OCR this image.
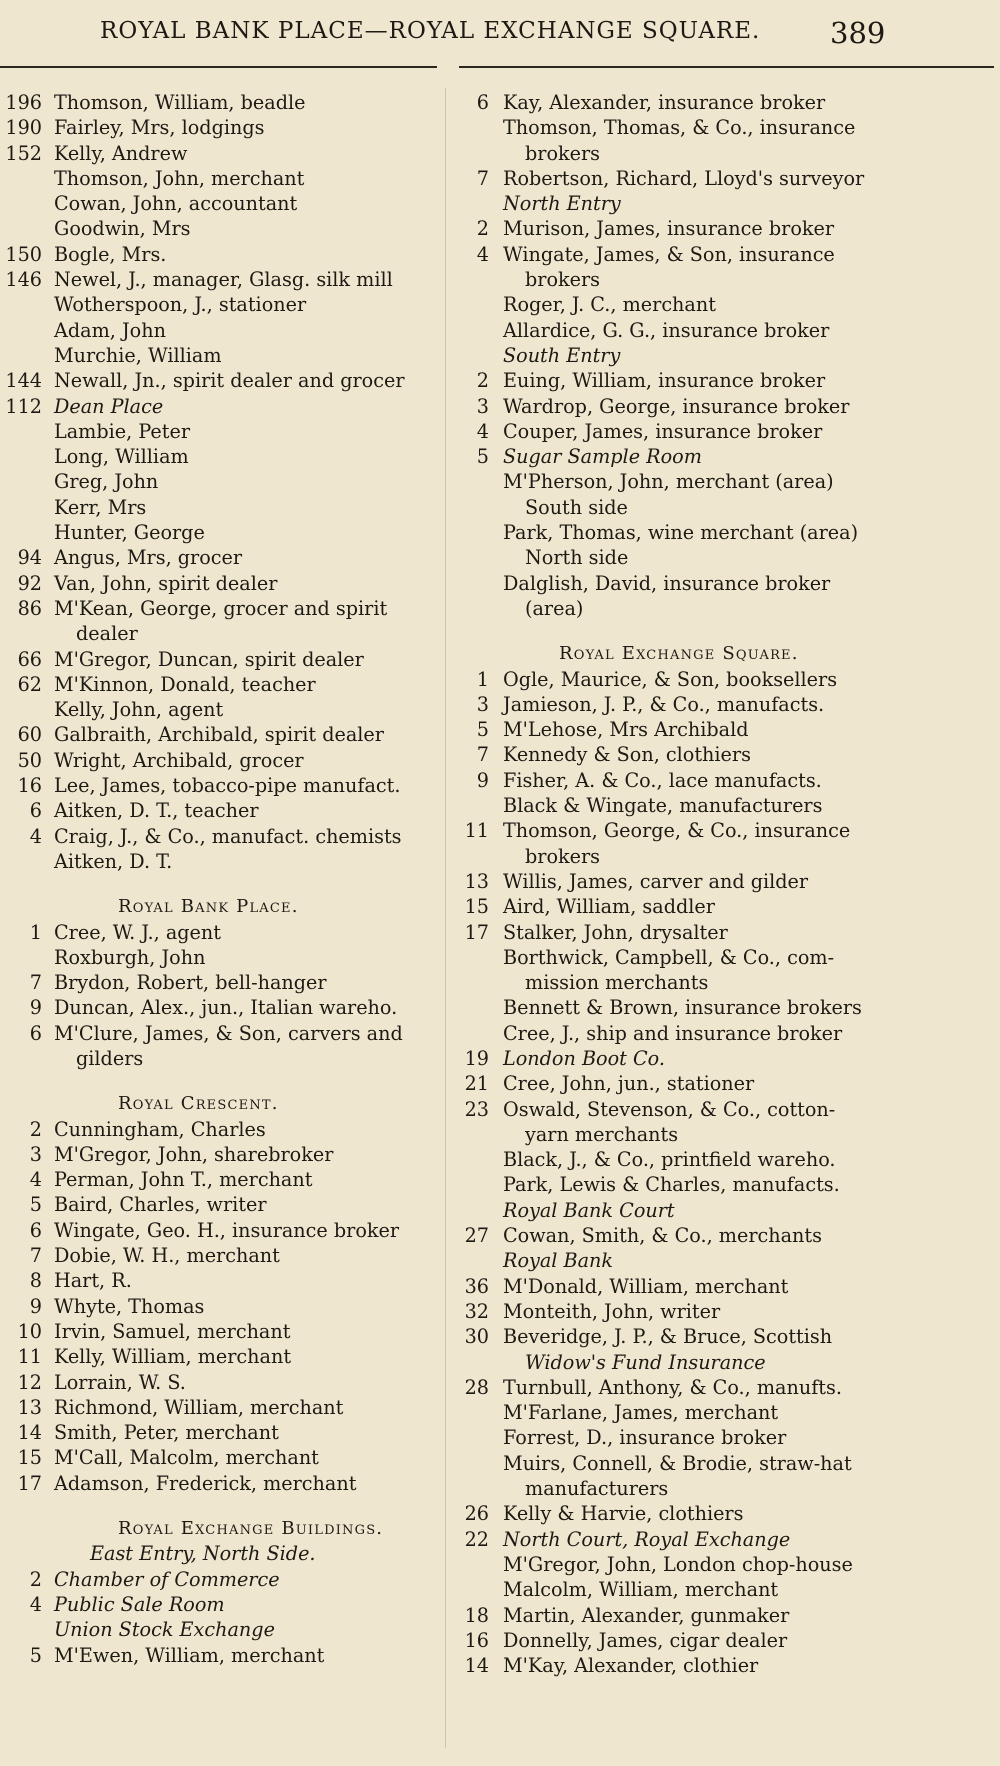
ROYAL BANK PLACE—ROYAL EXCHANGE SQUARE. 389
196 Thomson, William, beadle
190 Fairley, Mrs, lodgings
152 Kelly, Andrew
Thomson, John, merchant
Cowan, John, accountant
Goodwin, Mrs
150 Bogle, Mrs.
146 Newel, J., manager, Glasg. silk mill
Wotherspoon, J., stationer
Adam, John
Murchie, William
144 Newall, Jn., spirit dealer and grocer
112 Dean Place
Lambie, Peter
Long, William
Greg, John
Kerr, Mrs
Hunter, George
94 Angus, Mrs, grocer
92 Van, John, spirit dealer
86 M'Kean, George, grocer and spirit
dealer
66 M'Gregor, Duncan, spirit dealer
62 M'Kinnon, Donald, teacher
Kelly, John, agent
60 Galbraith, Archibald, spirit dealer
50 Wright, Archibald, grocer
16 Lee, James, tobacco-pipe manufact.
6 Aitken, D. T., teacher
4 Craig, J., & Co., manufact. chemists
Aitken, D. T.
Royal Bank Place.
1 Cree, W. J., agent
Roxburgh, John
7 Brydon, Robert, bell-hanger
9 Duncan, Alex., jun., Italian wareho.
6 M'Clure, James, & Son, carvers and
gilders
Royal Crescent.
2 Cunningham, Charles
3 M'Gregor, John, sharebroker
4 Perman, John T., merchant
5 Baird, Charles, writer
6 Wingate, Geo. H., insurance broker
7 Dobie, W. H., merchant
8 Hart, R.
9 Whyte, Thomas
10 Irvin, Samuel, merchant
11 Kelly, William, merchant
12 Lorrain, W. S.
13 Richmond, William, merchant
14 Smith, Peter, merchant
15 M'Call, Malcolm, merchant
17 Adamson, Frederick, merchant
Royal Exchange Buildings.
East Entry, North Side.
2 Chamber of Commerce
4 Public Sale Room
Union Stock Exchange
5 M'Ewen, William, merchant
6 Kay, Alexander, insurance broker
Thomson, Thomas, & Co., insurance
brokers
7 Robertson, Richard, Lloyd's surveyor
North Entry
2 Murison, James, insurance broker
4 Wingate, James, & Son, insurance
brokers
Roger, J. C., merchant
Allardice, G. G., insurance broker
South Entry
2 Euing, William, insurance broker
3 Wardrop, George, insurance broker
4 Couper, James, insurance broker
5 Sugar Sample Room
M'Pherson, John, merchant (area)
South side
Park, Thomas, wine merchant (area)
North side
Dalglish, David, insurance broker
(area)
Royal Exchange Square.
1 Ogle, Maurice, & Son, booksellers
3 Jamieson, J. P., & Co., manufacts.
5 M'Lehose, Mrs Archibald
7 Kennedy & Son, clothiers
9 Fisher, A. & Co., lace manufacts.
Black & Wingate, manufacturers
11 Thomson, George, & Co., insurance
brokers
13 Willis, James, carver and gilder
15 Aird, William, saddler
17 Stalker, John, drysalter
Borthwick, Campbell, & Co., com-
mission merchants
Bennett & Brown, insurance brokers
Cree, J., ship and insurance broker
19 London Boot Co.
21 Cree, John, jun., stationer
23 Oswald, Stevenson, & Co., cotton-
yarn merchants
Black, J., & Co., printfield wareho.
Park, Lewis & Charles, manufacts.
Royal Bank Court
27 Cowan, Smith, & Co., merchants
Royal Bank
36 M'Donald, William, merchant
32 Monteith, John, writer
30 Beveridge, J. P., & Bruce, Scottish
Widow's Fund Insurance
28 Turnbull, Anthony, & Co., manufts.
M'Farlane, James, merchant
Forrest, D., insurance broker
Muirs, Connell, & Brodie, straw-hat
manufacturers
26 Kelly & Harvie, clothiers
22 North Court, Royal Exchange
M'Gregor, John, London chop-house
Malcolm, William, merchant
18 Martin, Alexander, gunmaker
16 Donnelly, James, cigar dealer
14 M'Kay, Alexander, clothier
